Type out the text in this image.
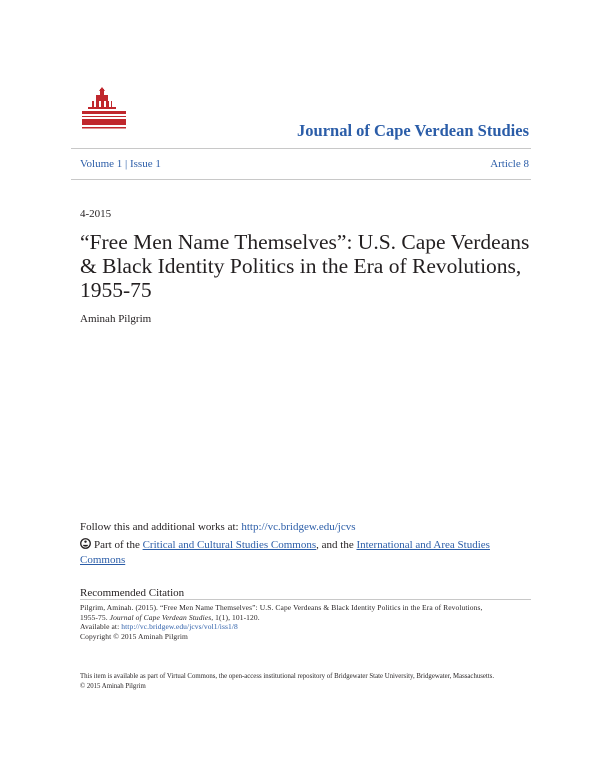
Journal of Cape Verdean Studies
Volume 1 | Issue 1	Article 8
4-2015
“Free Men Name Themselves”: U.S. Cape Verdeans & Black Identity Politics in the Era of Revolutions, 1955-75
Aminah Pilgrim
Follow this and additional works at: http://vc.bridgew.edu/jcvs
Part of the Critical and Cultural Studies Commons, and the International and Area Studies Commons
Recommended Citation
Pilgrim, Aminah. (2015). “Free Men Name Themselves”: U.S. Cape Verdeans & Black Identity Politics in the Era of Revolutions,
1955-75. Journal of Cape Verdean Studies, 1(1), 101-120.
Available at: http://vc.bridgew.edu/jcvs/vol1/iss1/8
Copyright © 2015 Aminah Pilgrim
This item is available as part of Virtual Commons, the open-access institutional repository of Bridgewater State University, Bridgewater, Massachusetts.
© 2015 Aminah Pilgrim
